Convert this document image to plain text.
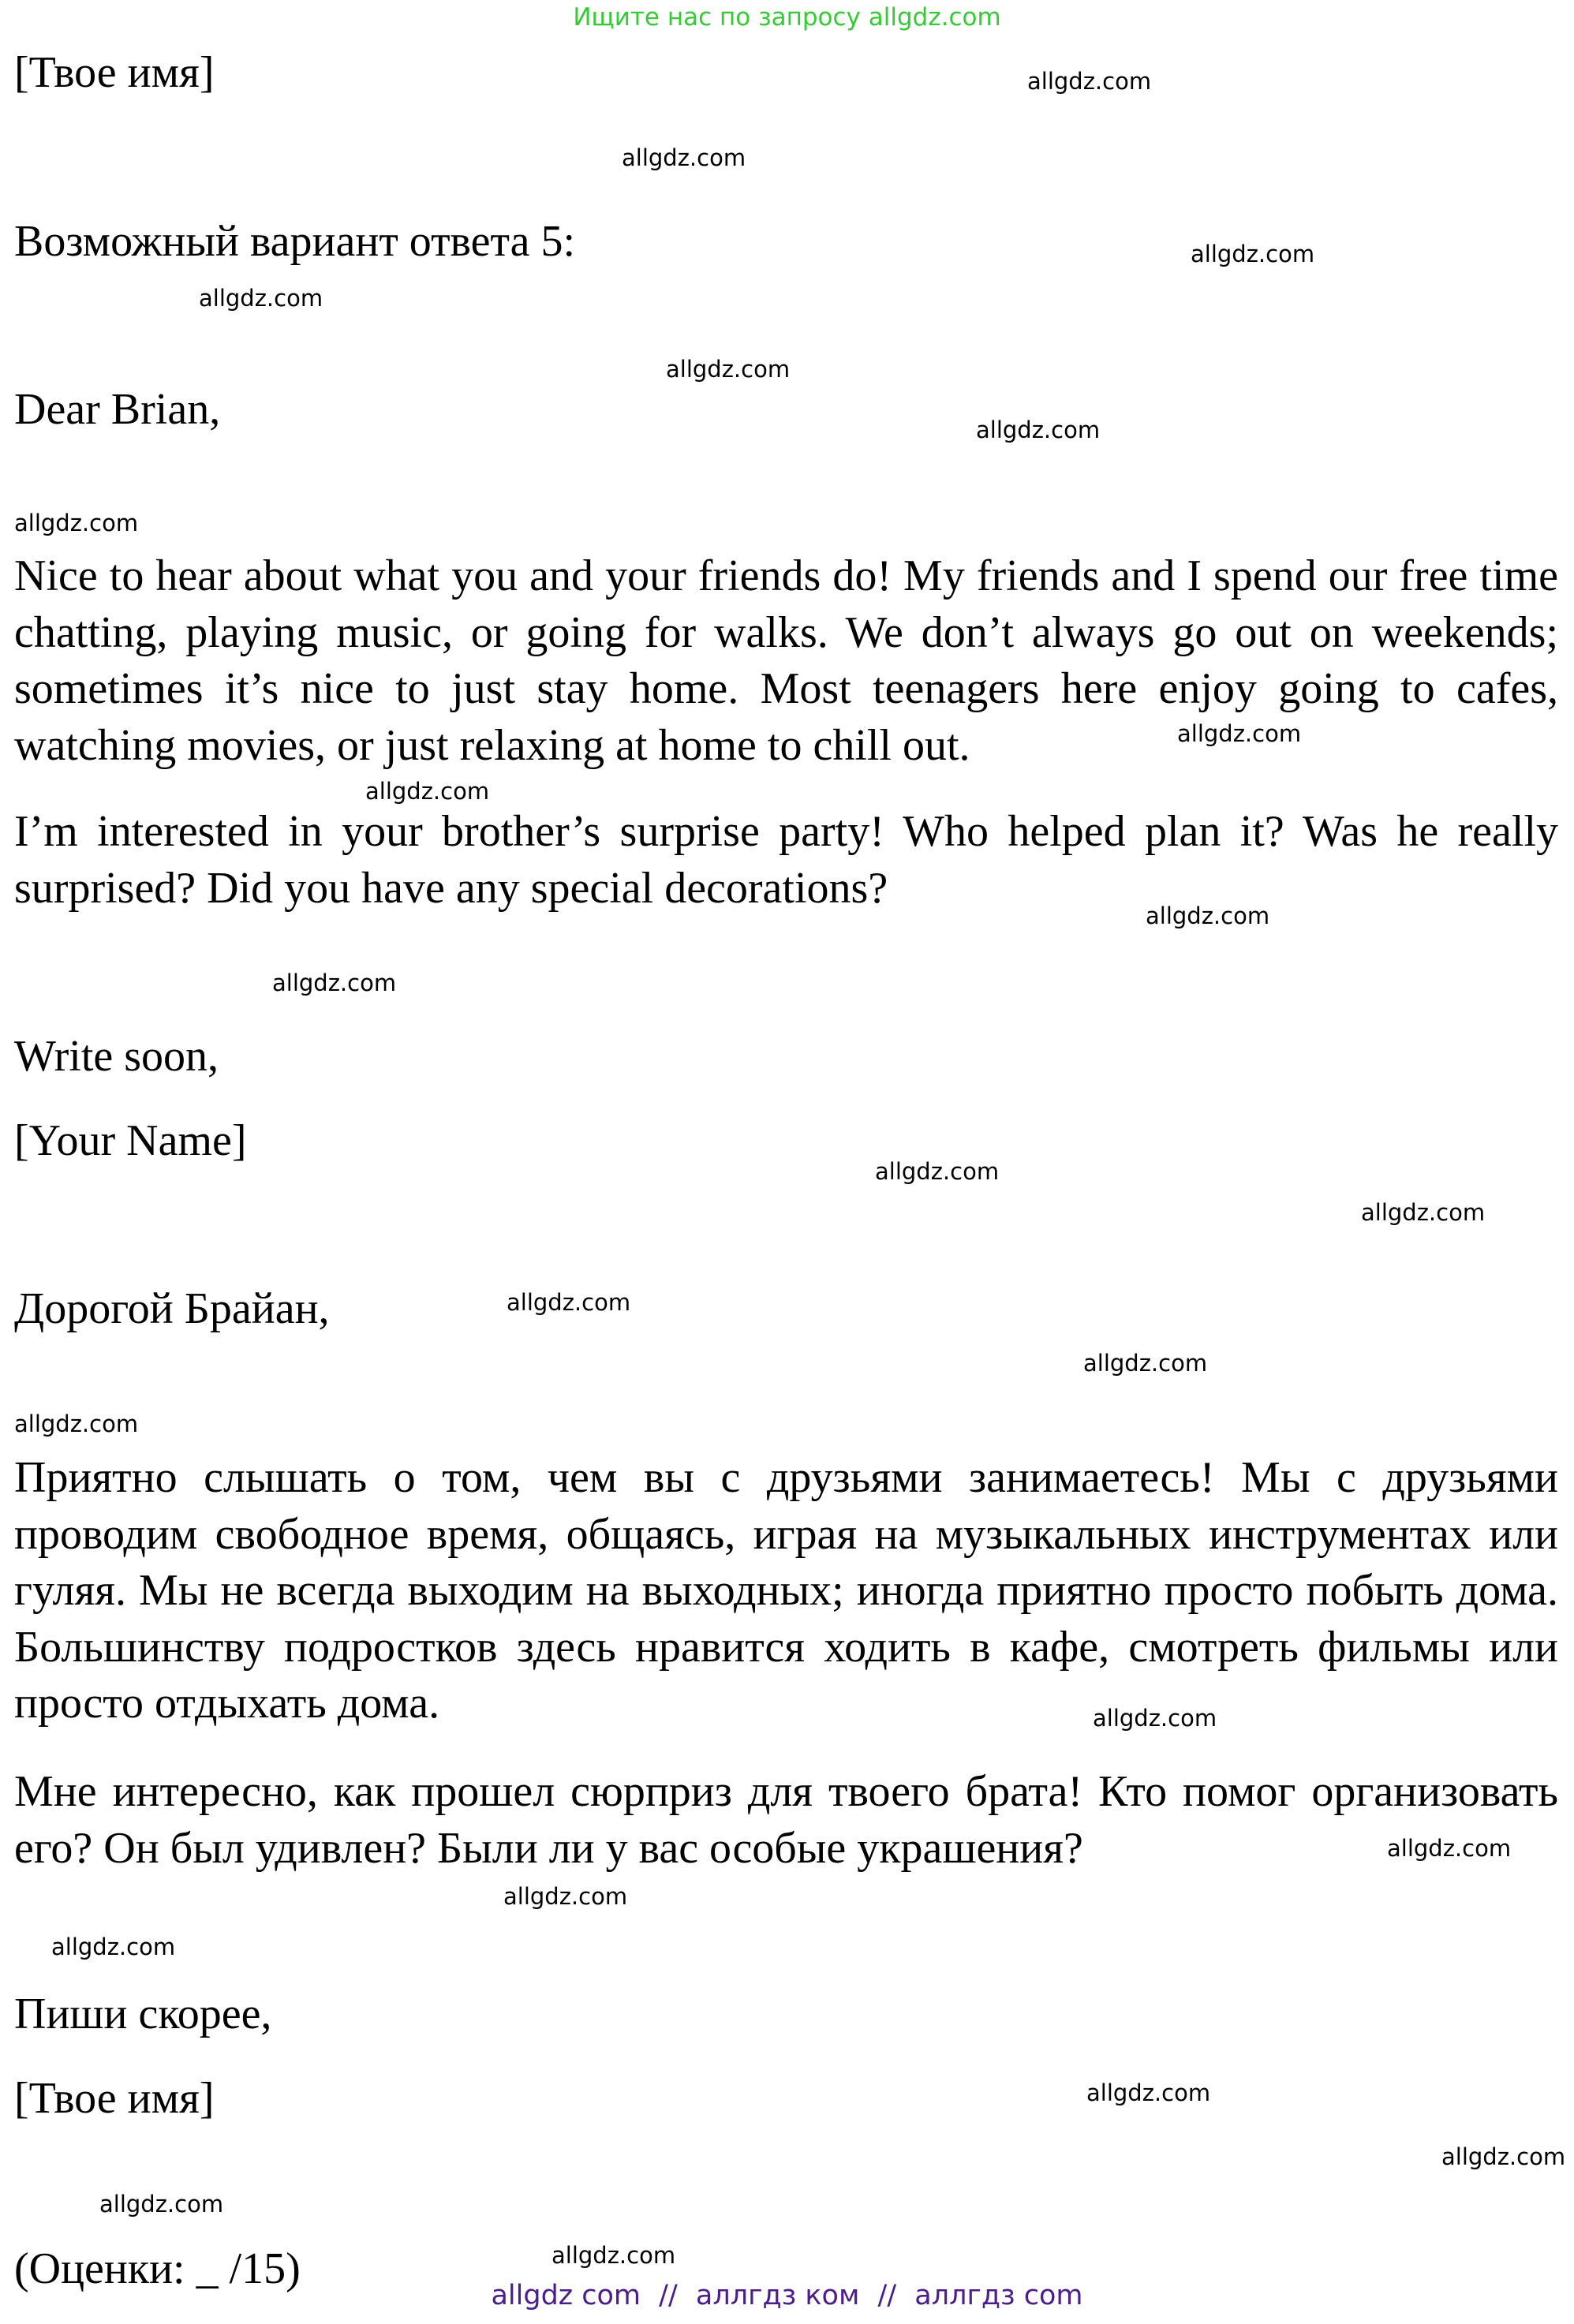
Ищите нас по запросу allgdz.com

[Твое имя]

Возможный вариант ответа 5:

Dear Brian,

Nice to hear about what you and your friends do! My friends and I spend our free time chatting, playing music, or going for walks. We don’t always go out on weekends; sometimes it’s nice to just stay home. Most teenagers here enjoy going to cafes, watching movies, or just relaxing at home to chill out.

I’m interested in your brother’s surprise party! Who helped plan it? Was he really surprised? Did you have any special decorations?

Write soon,

[Your Name]

Дорогой Брайан,

Приятно слышать о том, чем вы с друзьями занимаетесь! Мы с друзьями проводим свободное время, общаясь, играя на музыкальных инструментах или гуляя. Мы не всегда выходим на выходных; иногда приятно просто побыть дома. Большинству подростков здесь нравится ходить в кафе, смотреть фильмы или просто отдыхать дома.

Мне интересно, как прошел сюрприз для твоего брата! Кто помог организовать его? Он был удивлен? Были ли у вас особые украшения?

Пиши скорее,

[Твое имя]

(Оценки: _ /15)

allgdz.com
allgdz.com
allgdz.com
allgdz.com
allgdz.com
allgdz.com
allgdz.com
allgdz.com
allgdz.com
allgdz.com
allgdz.com
allgdz.com
allgdz.com
allgdz.com
allgdz.com
allgdz.com
allgdz.com
allgdz.com
allgdz.com
allgdz.com
allgdz.com
allgdz.com
allgdz.com
allgdz.com
allgdz com // аллгдз ком // аллгдз com
